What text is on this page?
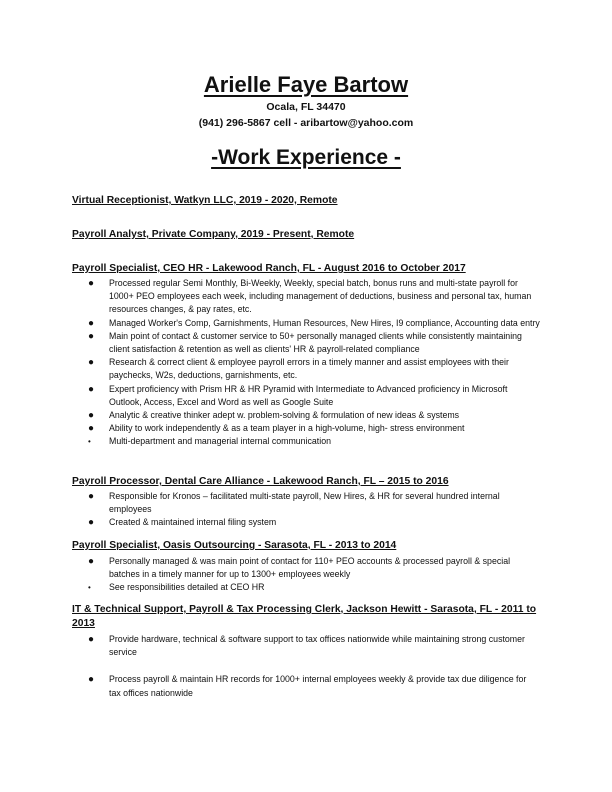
Arielle Faye Bartow
Ocala, FL 34470
(941) 296-5867 cell - aribartow@yahoo.com
-Work Experience -
Virtual Receptionist, Watkyn LLC, 2019 - 2020, Remote
Payroll Analyst, Private Company, 2019 - Present, Remote
Payroll Specialist, CEO HR - Lakewood Ranch, FL - August 2016 to October 2017
● Processed regular Semi Monthly, Bi-Weekly, Weekly, special batch, bonus runs and multi-state payroll for 1000+ PEO employees each week, including management of deductions, business and personal tax, human resources changes, & pay rates, etc.
● Managed Worker's Comp, Garnishments, Human Resources, New Hires, I9 compliance, Accounting data entry
● Main point of contact & customer service to 50+ personally managed clients while consistently maintaining client satisfaction & retention as well as clients' HR & payroll-related compliance
● Research & correct client & employee payroll errors in a timely manner and assist employees with their paychecks, W2s, deductions, garnishments, etc.
● Expert proficiency with Prism HR & HR Pyramid with Intermediate to Advanced proficiency in Microsoft Outlook, Access, Excel and Word as well as Google Suite
● Analytic & creative thinker adept w. problem-solving & formulation of new ideas & systems
● Ability to work independently & as a team player in a high-volume, high- stress environment
• Multi-department and managerial internal communication
Payroll Processor, Dental Care Alliance - Lakewood Ranch, FL – 2015 to 2016
● Responsible for Kronos – facilitated multi-state payroll, New Hires, & HR for several hundred internal employees
● Created & maintained internal filing system
Payroll Specialist, Oasis Outsourcing - Sarasota, FL - 2013 to 2014
● Personally managed & was main point of contact for 110+ PEO accounts & processed payroll & special batches in a timely manner for up to 1300+ employees weekly
• See responsibilities detailed at CEO HR
IT & Technical Support, Payroll & Tax Processing Clerk, Jackson Hewitt - Sarasota, FL - 2011 to 2013
● Provide hardware, technical & software support to tax offices nationwide while maintaining strong customer service
● Process payroll & maintain HR records for 1000+ internal employees weekly & provide tax due diligence for tax offices nationwide
